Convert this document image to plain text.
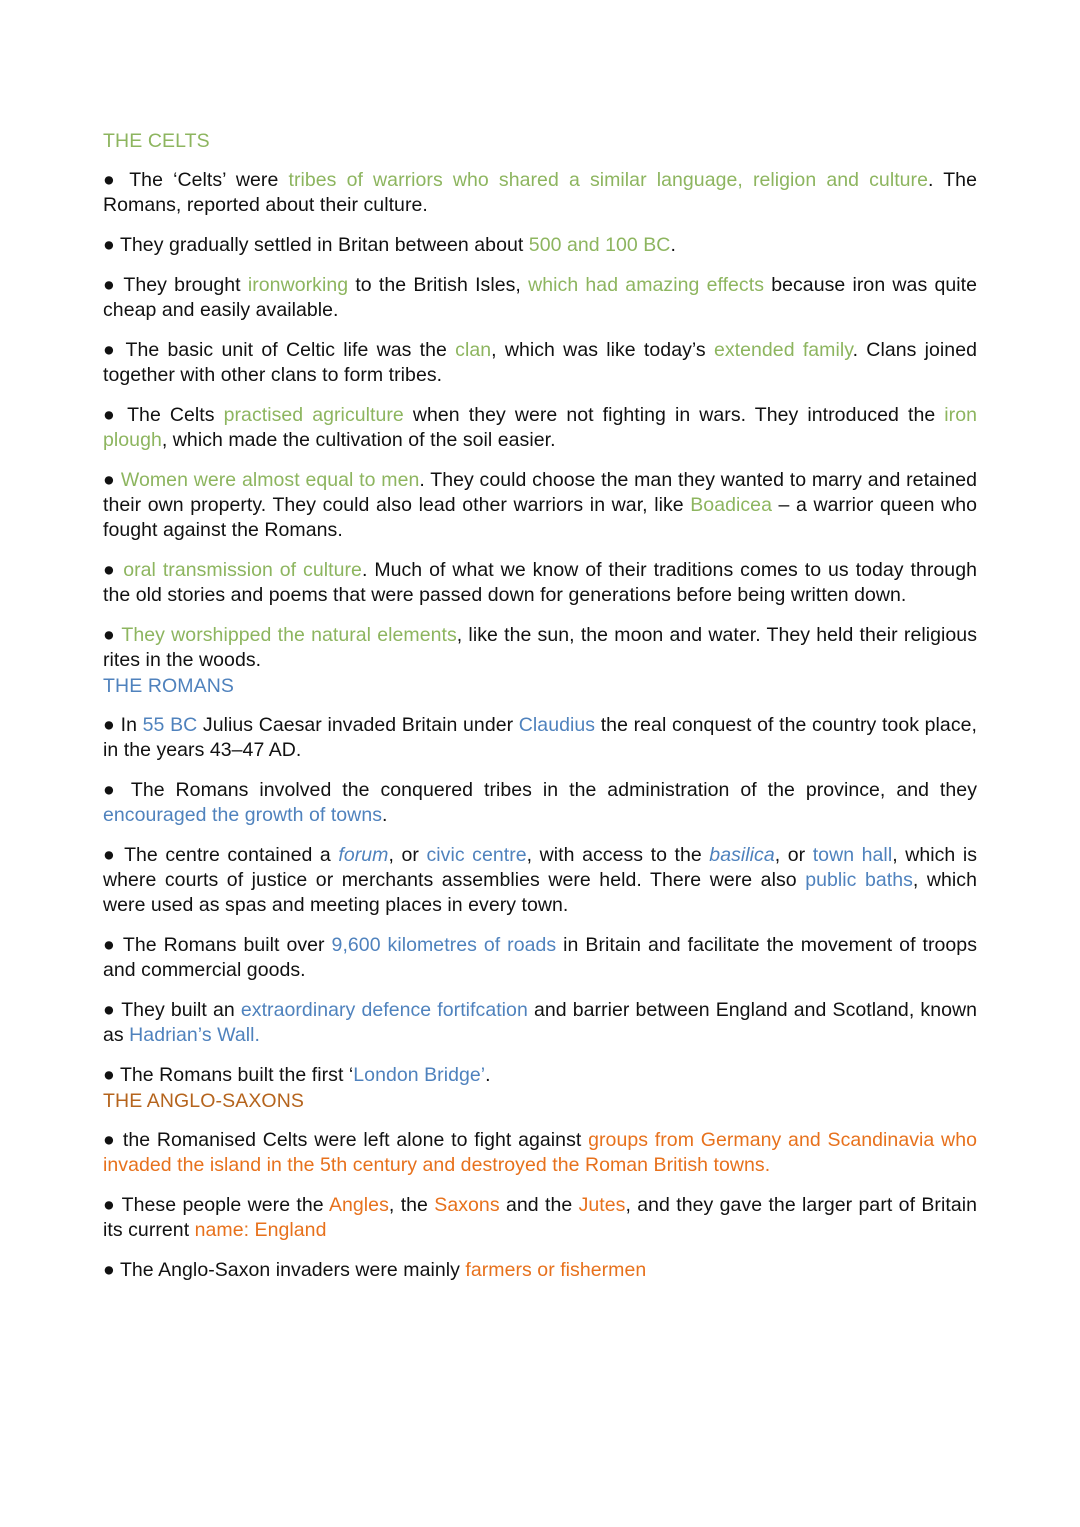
THE CELTS

● The ‘Celts’ were tribes of warriors who shared a similar language, religion and culture. The Romans, reported about their culture.

● They gradually settled in Britan between about 500 and 100 BC.

● They brought ironworking to the British Isles, which had amazing effects because iron was quite cheap and easily available.

● The basic unit of Celtic life was the clan, which was like today’s extended family. Clans joined together with other clans to form tribes.

● The Celts practised agriculture when they were not fighting in wars. They introduced the iron plough, which made the cultivation of the soil easier.

● Women were almost equal to men. They could choose the man they wanted to marry and retained their own property. They could also lead other warriors in war, like Boadicea – a warrior queen who fought against the Romans.

● oral transmission of culture. Much of what we know of their traditions comes to us today through the old stories and poems that were passed down for generations before being written down.

● They worshipped the natural elements, like the sun, the moon and water. They held their religious rites in the woods.

THE ROMANS

● In 55 BC Julius Caesar invaded Britain under Claudius the real conquest of the country took place, in the years 43–47 AD.

● The Romans involved the conquered tribes in the administration of the province, and they encouraged the growth of towns.

● The centre contained a forum, or civic centre, with access to the basilica, or town hall, which is where courts of justice or merchants assemblies were held. There were also public baths, which were used as spas and meeting places in every town.

● The Romans built over 9,600 kilometres of roads in Britain and facilitate the movement of troops and commercial goods.

● They built an extraordinary defence fortifcation and barrier between England and Scotland, known as Hadrian’s Wall.

● The Romans built the first ‘London Bridge’.

THE ANGLO-SAXONS

● the Romanised Celts were left alone to fight against groups from Germany and Scandinavia who invaded the island in the 5th century and destroyed the Roman British towns.

● These people were the Angles, the Saxons and the Jutes, and they gave the larger part of Britain its current name: England

● The Anglo-Saxon invaders were mainly farmers or fishermen
